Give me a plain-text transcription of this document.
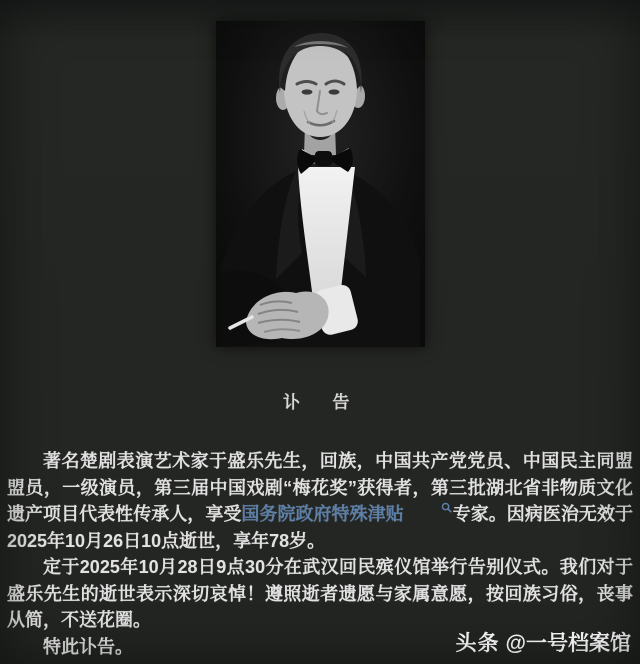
讣　告

著名楚剧表演艺术家于盛乐先生，回族，中国共产党党员、中国民主同盟盟员，一级演员，第三届中国戏剧“梅花奖”获得者，第三批湖北省非物质文化遗产项目代表性传承人，享受国务院政府特殊津贴	专家。因病医治无效于2025年10月26日10点逝世，享年78岁。

定于2025年10月28日9点30分在武汉回民殡仪馆举行告别仪式。我们对于盛乐先生的逝世表示深切哀悼！遵照逝者遗愿与家属意愿，按回族习俗，丧事从简，不送花圈。

特此讣告。	头条 @一号档案馆
